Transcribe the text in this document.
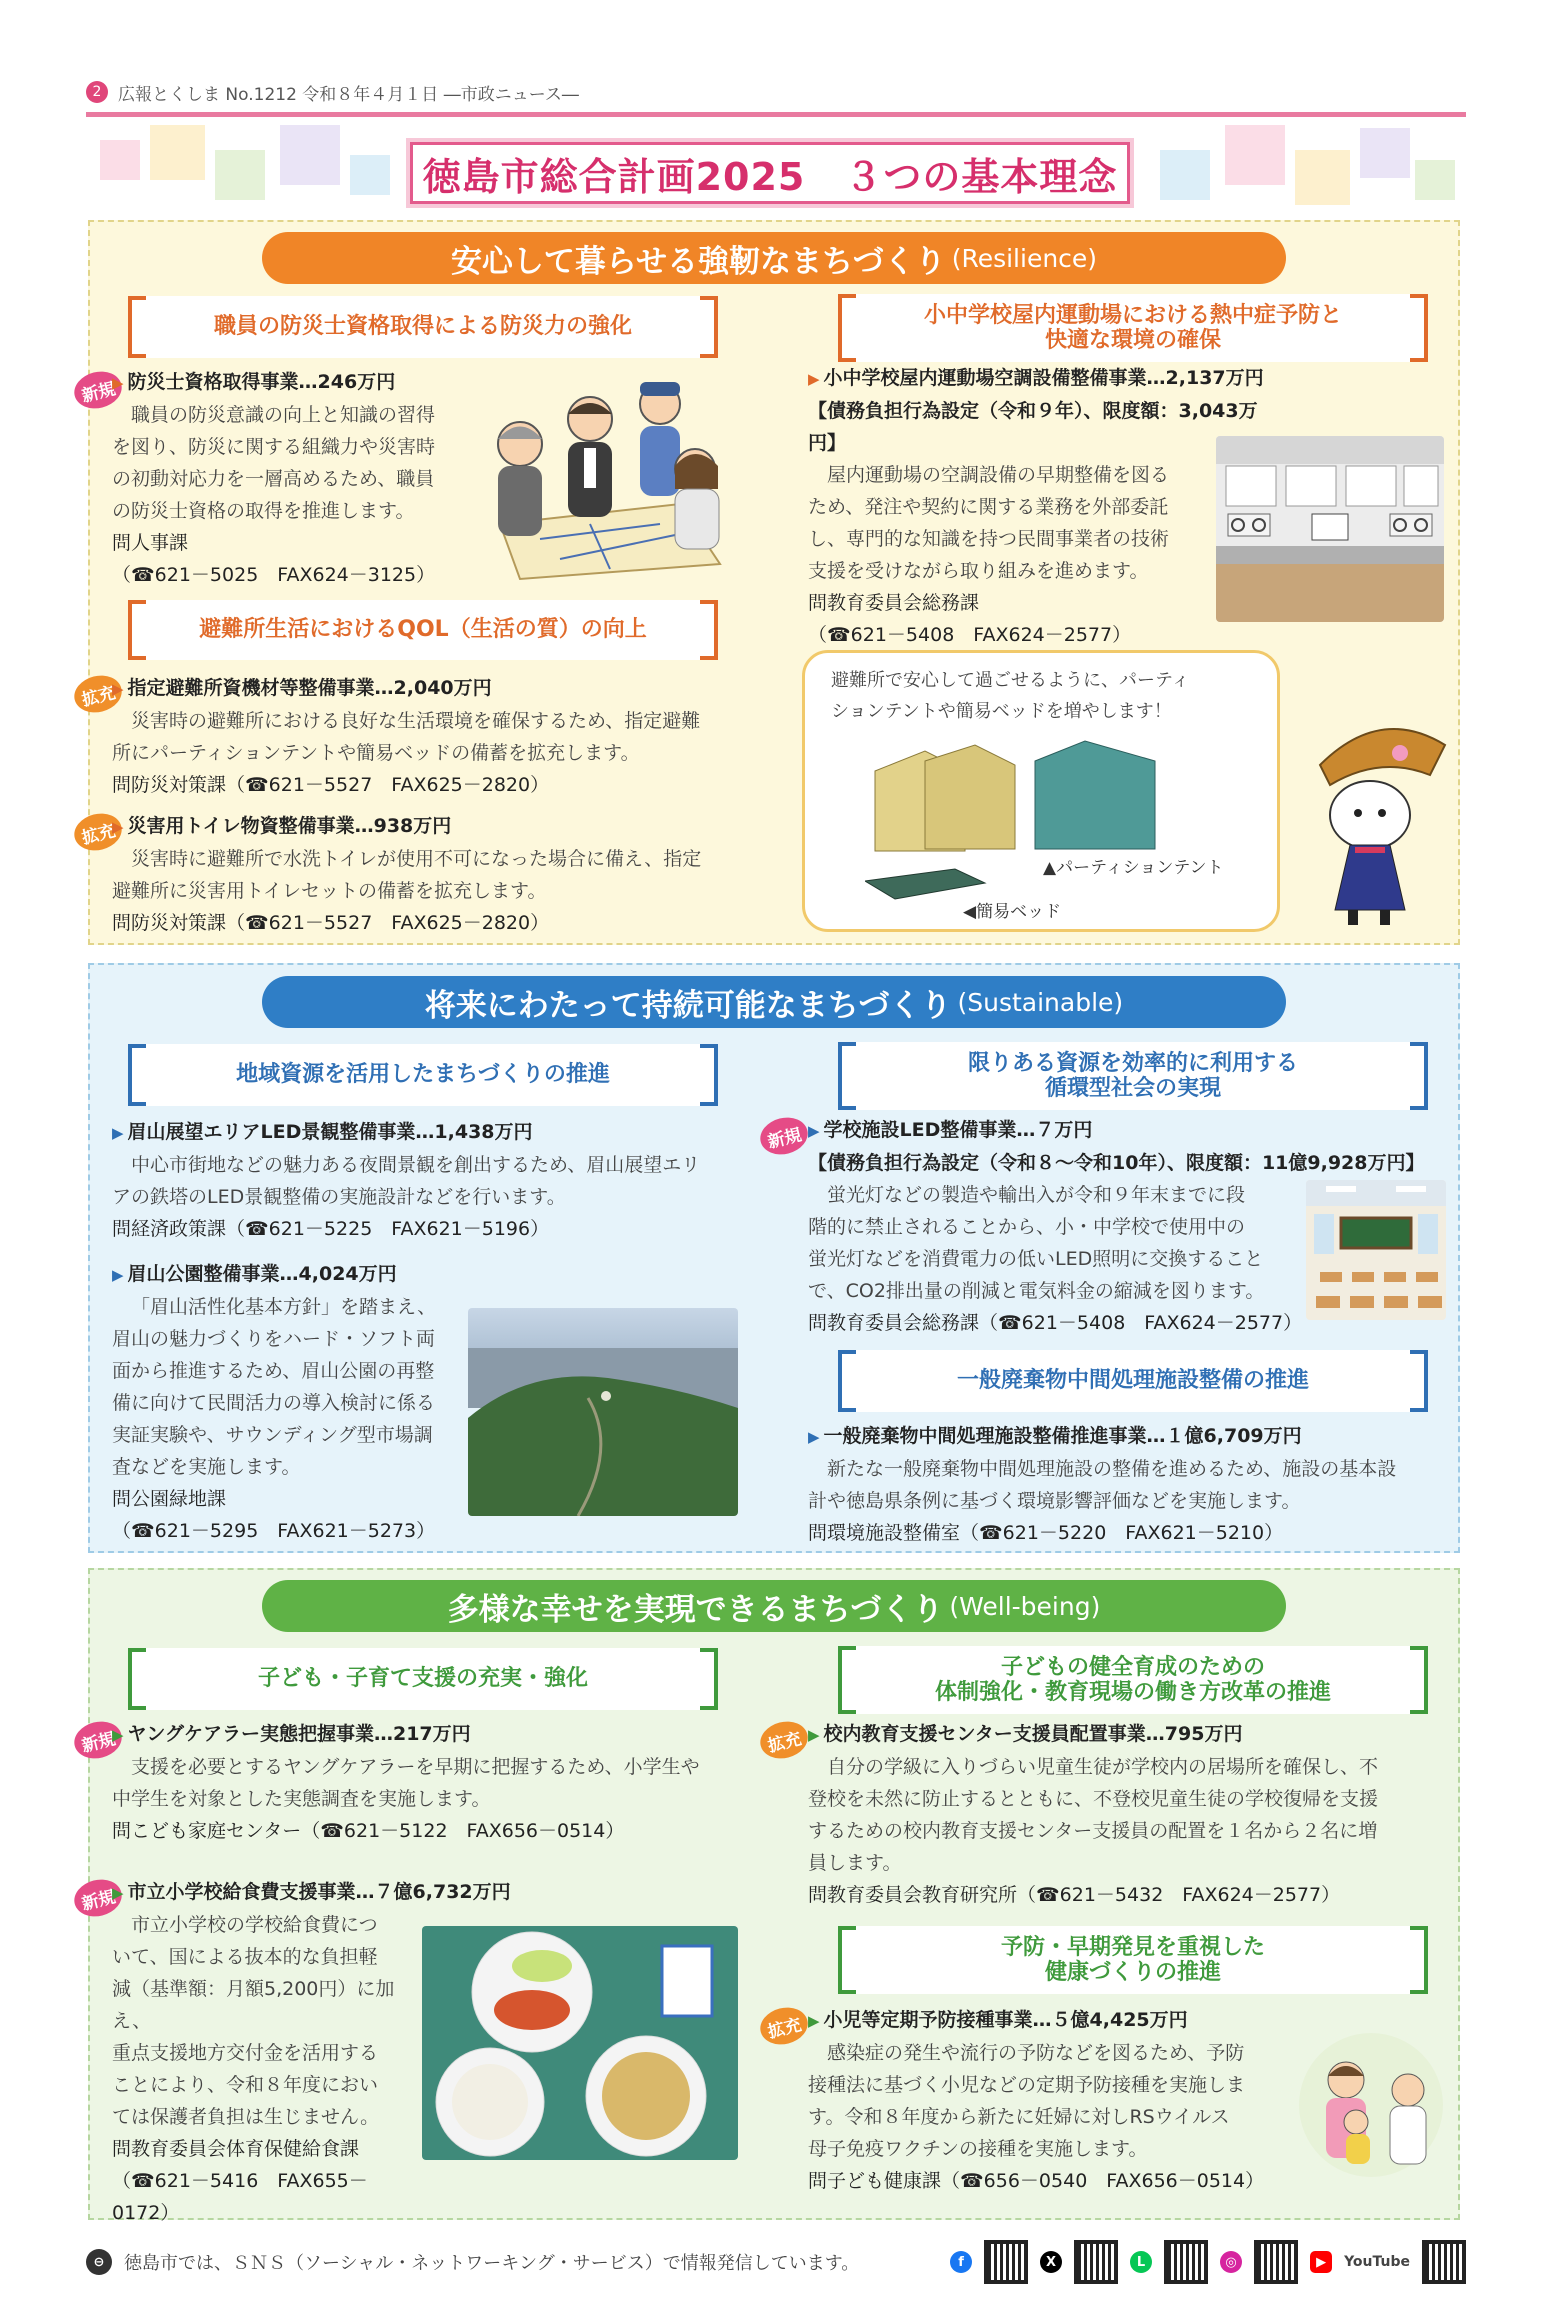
2 広報とくしま No.1212 令和８年４月１日 ―市政ニュース―
徳島市総合計画2025　３つの基本理念
安心して暮らせる強靭なまちづくり (Resilience)
職員の防災士資格取得による防災力の強化	小中学校屋内運動場における熱中症予防と
快適な環境の確保
新規 ▶ 防災士資格取得事業…246万円
職員の防災意識の向上と知識の習得
を図り、防災に関する組織力や災害時
の初動対応力を一層高めるため、職員
の防災士資格の取得を推進します。
問人事課
（☎621－5025　FAX624－3125）
▶ 小中学校屋内運動場空調設備整備事業…2,137万円
【債務負担行為設定（令和９年）、限度額：3,043万円】
屋内運動場の空調設備の早期整備を図る
ため、発注や契約に関する業務を外部委託
し、専門的な知識を持つ民間事業者の技術
支援を受けながら取り組みを進めます。
問教育委員会総務課
（☎621－5408　FAX624－2577）
避難所生活におけるQOL（生活の質）の向上
拡充 ▶ 指定避難所資機材等整備事業…2,040万円
災害時の避難所における良好な生活環境を確保するため、指定避難
所にパーティションテントや簡易ベッドの備蓄を拡充します。
問防災対策課（☎621－5527　FAX625－2820）
拡充 ▶ 災害用トイレ物資整備事業…938万円
災害時に避難所で水洗トイレが使用不可になった場合に備え、指定
避難所に災害用トイレセットの備蓄を拡充します。
問防災対策課（☎621－5527　FAX625－2820）
避難所で安心して過ごせるように、パーティ
ションテントや簡易ベッドを増やします！
▲パーティションテント
◀簡易ベッド
将来にわたって持続可能なまちづくり (Sustainable)
地域資源を活用したまちづくりの推進	限りある資源を効率的に利用する
循環型社会の実現
▶ 眉山展望エリアLED景観整備事業…1,438万円
中心市街地などの魅力ある夜間景観を創出するため、眉山展望エリ
アの鉄塔のLED景観整備の実施設計などを行います。
問経済政策課（☎621－5225　FAX621－5196）
▶ 眉山公園整備事業…4,024万円
「眉山活性化基本方針」を踏まえ、
眉山の魅力づくりをハード・ソフト両
面から推進するため、眉山公園の再整
備に向けて民間活力の導入検討に係る
実証実験や、サウンディング型市場調
査などを実施します。
問公園緑地課
（☎621－5295　FAX621－5273）
新規	▶ 学校施設LED整備事業…７万円
【債務負担行為設定（令和８～令和10年）、限度額：11億9,928万円】
蛍光灯などの製造や輸出入が令和９年末までに段
階的に禁止されることから、小・中学校で使用中の
蛍光灯などを消費電力の低いLED照明に交換すること
で、CO2排出量の削減と電気料金の縮減を図ります。
問教育委員会総務課（☎621－5408　FAX624－2577）
一般廃棄物中間処理施設整備の推進
▶ 一般廃棄物中間処理施設整備推進事業…１億6,709万円
新たな一般廃棄物中間処理施設の整備を進めるため、施設の基本設
計や徳島県条例に基づく環境影響評価などを実施します。
問環境施設整備室（☎621－5220　FAX621－5210）
多様な幸せを実現できるまちづくり (Well-being)
子ども・子育て支援の充実・強化	子どもの健全育成のための
体制強化・教育現場の働き方改革の推進
新規 ▶ ヤングケアラー実態把握事業…217万円
支援を必要とするヤングケアラーを早期に把握するため、小学生や
中学生を対象とした実態調査を実施します。
問こども家庭センター（☎621－5122　FAX656－0514）
新規 ▶ 市立小学校給食費支援事業…７億6,732万円
市立小学校の学校給食費につ
いて、国による抜本的な負担軽
減（基準額：月額5,200円）に加え、
重点支援地方交付金を活用する
ことにより、令和８年度におい
ては保護者負担は生じません。
問教育委員会体育保健給食課
（☎621－5416　FAX655－
0172）
拡充	▶ 校内教育支援センター支援員配置事業…795万円
自分の学級に入りづらい児童生徒が学校内の居場所を確保し、不
登校を未然に防止するとともに、不登校児童生徒の学校復帰を支援
するための校内教育支援センター支援員の配置を１名から２名に増
員します。
問教育委員会教育研究所（☎621－5432　FAX624－2577）
予防・早期発見を重視した
健康づくりの推進
拡充	▶ 小児等定期予防接種事業…５億4,425万円
感染症の発生や流行の予防などを図るため、予防
接種法に基づく小児などの定期予防接種を実施しま
す。令和８年度から新たに妊婦に対しRSウイルス
母子免疫ワクチンの接種を実施します。
問子ども健康課（☎656－0540　FAX656－0514）
⊖	徳島市では、ＳＮＳ（ソーシャル・ネットワーキング・サービス）で情報発信しています。	f	X	L	◎	▶	YouTube
